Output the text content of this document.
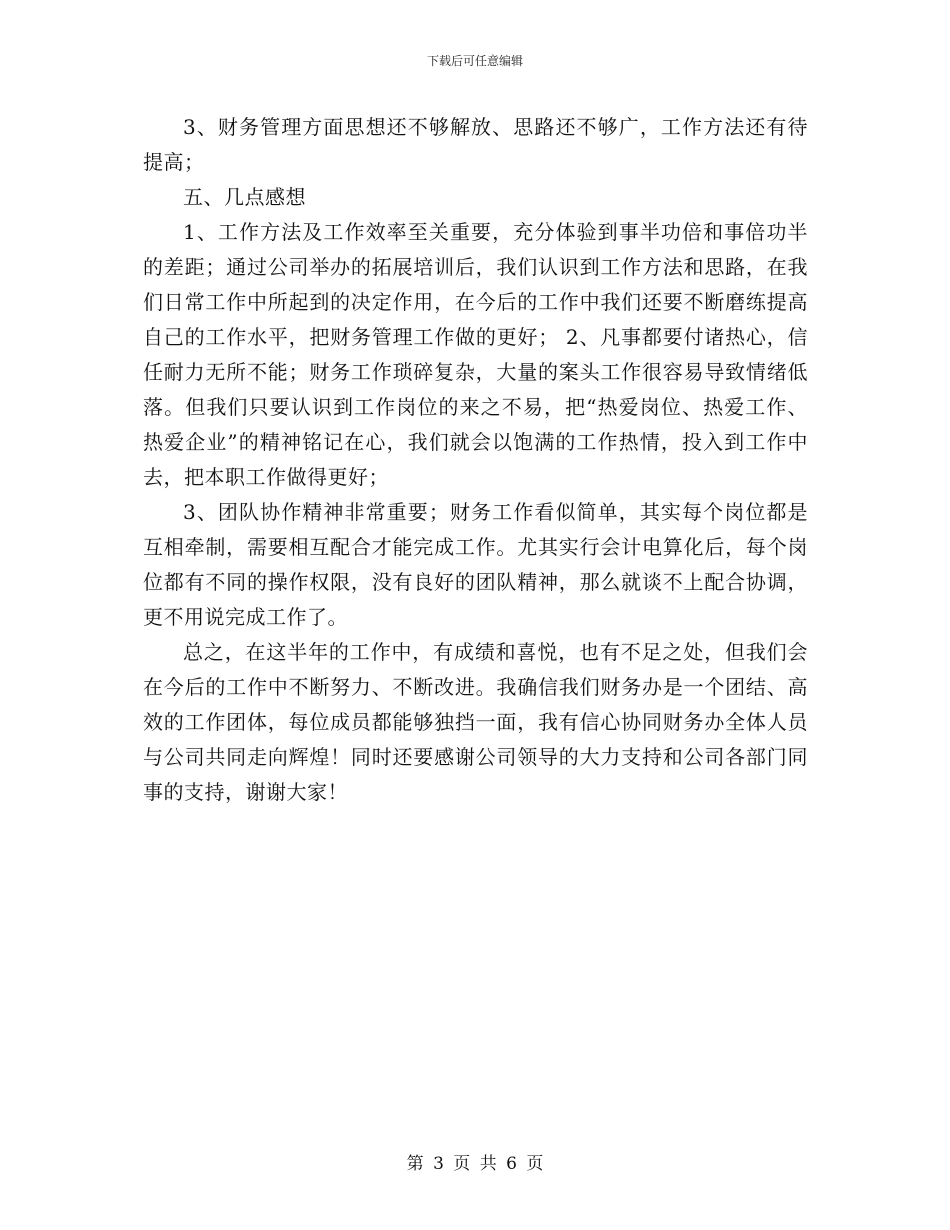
下载后可任意编辑

3、财务管理方面思想还不够解放、思路还不够广，工作方法还有待提高；

五、几点感想

1、工作方法及工作效率至关重要，充分体验到事半功倍和事倍功半的差距；通过公司举办的拓展培训后，我们认识到工作方法和思路，在我们日常工作中所起到的决定作用，在今后的工作中我们还要不断磨练提高自己的工作水平，把财务管理工作做的更好； 2、凡事都要付诸热心，信任耐力无所不能；财务工作琐碎复杂，大量的案头工作很容易导致情绪低落。但我们只要认识到工作岗位的来之不易，把“热爱岗位、热爱工作、热爱企业”的精神铭记在心，我们就会以饱满的工作热情，投入到工作中去，把本职工作做得更好；

3、团队协作精神非常重要；财务工作看似简单，其实每个岗位都是互相牵制，需要相互配合才能完成工作。尤其实行会计电算化后，每个岗位都有不同的操作权限，没有良好的团队精神，那么就谈不上配合协调，更不用说完成工作了。

总之，在这半年的工作中，有成绩和喜悦，也有不足之处，但我们会在今后的工作中不断努力、不断改进。我确信我们财务办是一个团结、高效的工作团体，每位成员都能够独挡一面，我有信心协同财务办全体人员与公司共同走向辉煌！同时还要感谢公司领导的大力支持和公司各部门同事的支持，谢谢大家！

第 3 页 共 6 页
